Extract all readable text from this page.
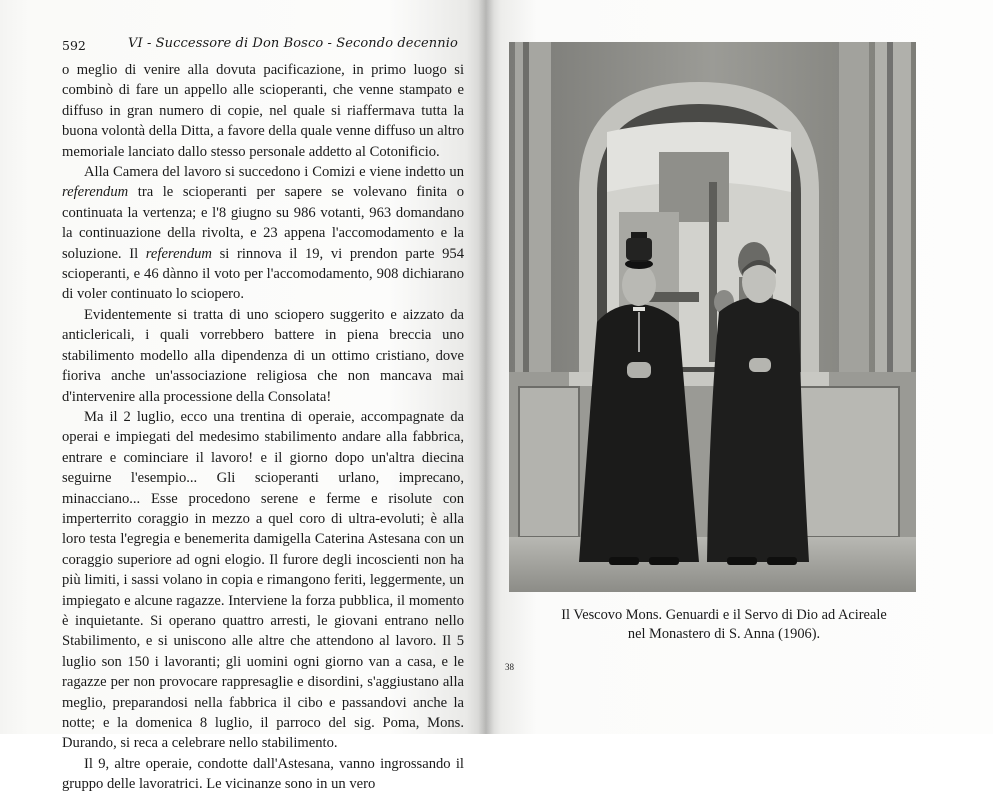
592	VI - Successore di Don Bosco - Secondo decennio

o meglio di venire alla dovuta pacificazione, in primo luogo si combinò di fare un appello alle scioperanti, che venne stampato e diffuso in gran numero di copie, nel quale si riaffermava tutta la buona volontà della Ditta, a favore della quale venne diffuso un altro memoriale lanciato dallo stesso personale addetto al Cotonificio.

Alla Camera del lavoro si succedono i Comizi e viene indetto un referendum tra le scioperanti per sapere se volevano finita o continuata la vertenza; e l'8 giugno su 986 votanti, 963 domandano la continuazione della rivolta, e 23 appena l'accomodamento e la soluzione. Il referendum si rinnova il 19, vi prendon parte 954 scioperanti, e 46 dànno il voto per l'accomodamento, 908 dichiarano di voler continuato lo sciopero.

Evidentemente si tratta di uno sciopero suggerito e aizzato da anticlericali, i quali vorrebbero battere in piena breccia uno stabilimento modello alla dipendenza di un ottimo cristiano, dove fioriva anche un'associazione religiosa che non mancava mai d'intervenire alla processione della Consolata!

Ma il 2 luglio, ecco una trentina di operaie, accompagnate da operai e impiegati del medesimo stabilimento andare alla fabbrica, entrare e cominciare il lavoro! e il giorno dopo un'altra diecina seguirne l'esempio... Gli scioperanti urlano, imprecano, minacciano... Esse procedono serene e ferme e risolute con imperterrito coraggio in mezzo a quel coro di ultra-evoluti; è alla loro testa l'egregia e benemerita damigella Caterina Astesana con un coraggio superiore ad ogni elogio. Il furore degli incoscienti non ha più limiti, i sassi volano in copia e rimangono feriti, leggermente, un impiegato e alcune ragazze. Interviene la forza pubblica, il momento è inquietante. Si operano quattro arresti, le giovani entrano nello Stabilimento, e si uniscono alle altre che attendono al lavoro. Il 5 luglio son 150 i lavoranti; gli uomini ogni giorno van a casa, e le ragazze per non provocare rappresaglie e disordini, s'aggiustano alla meglio, preparandosi nella fabbrica il cibo e passandovi anche la notte; e la domenica 8 luglio, il parroco del sig. Poma, Mons. Durando, si reca a celebrare nello stabilimento.

Il 9, altre operaie, condotte dall'Astesana, vanno ingrossando il gruppo delle lavoratrici. Le vicinanze sono in un vero

Il Vescovo Mons. Genuardi e il Servo di Dio ad Acireale
nel Monastero di S. Anna (1906).
38
